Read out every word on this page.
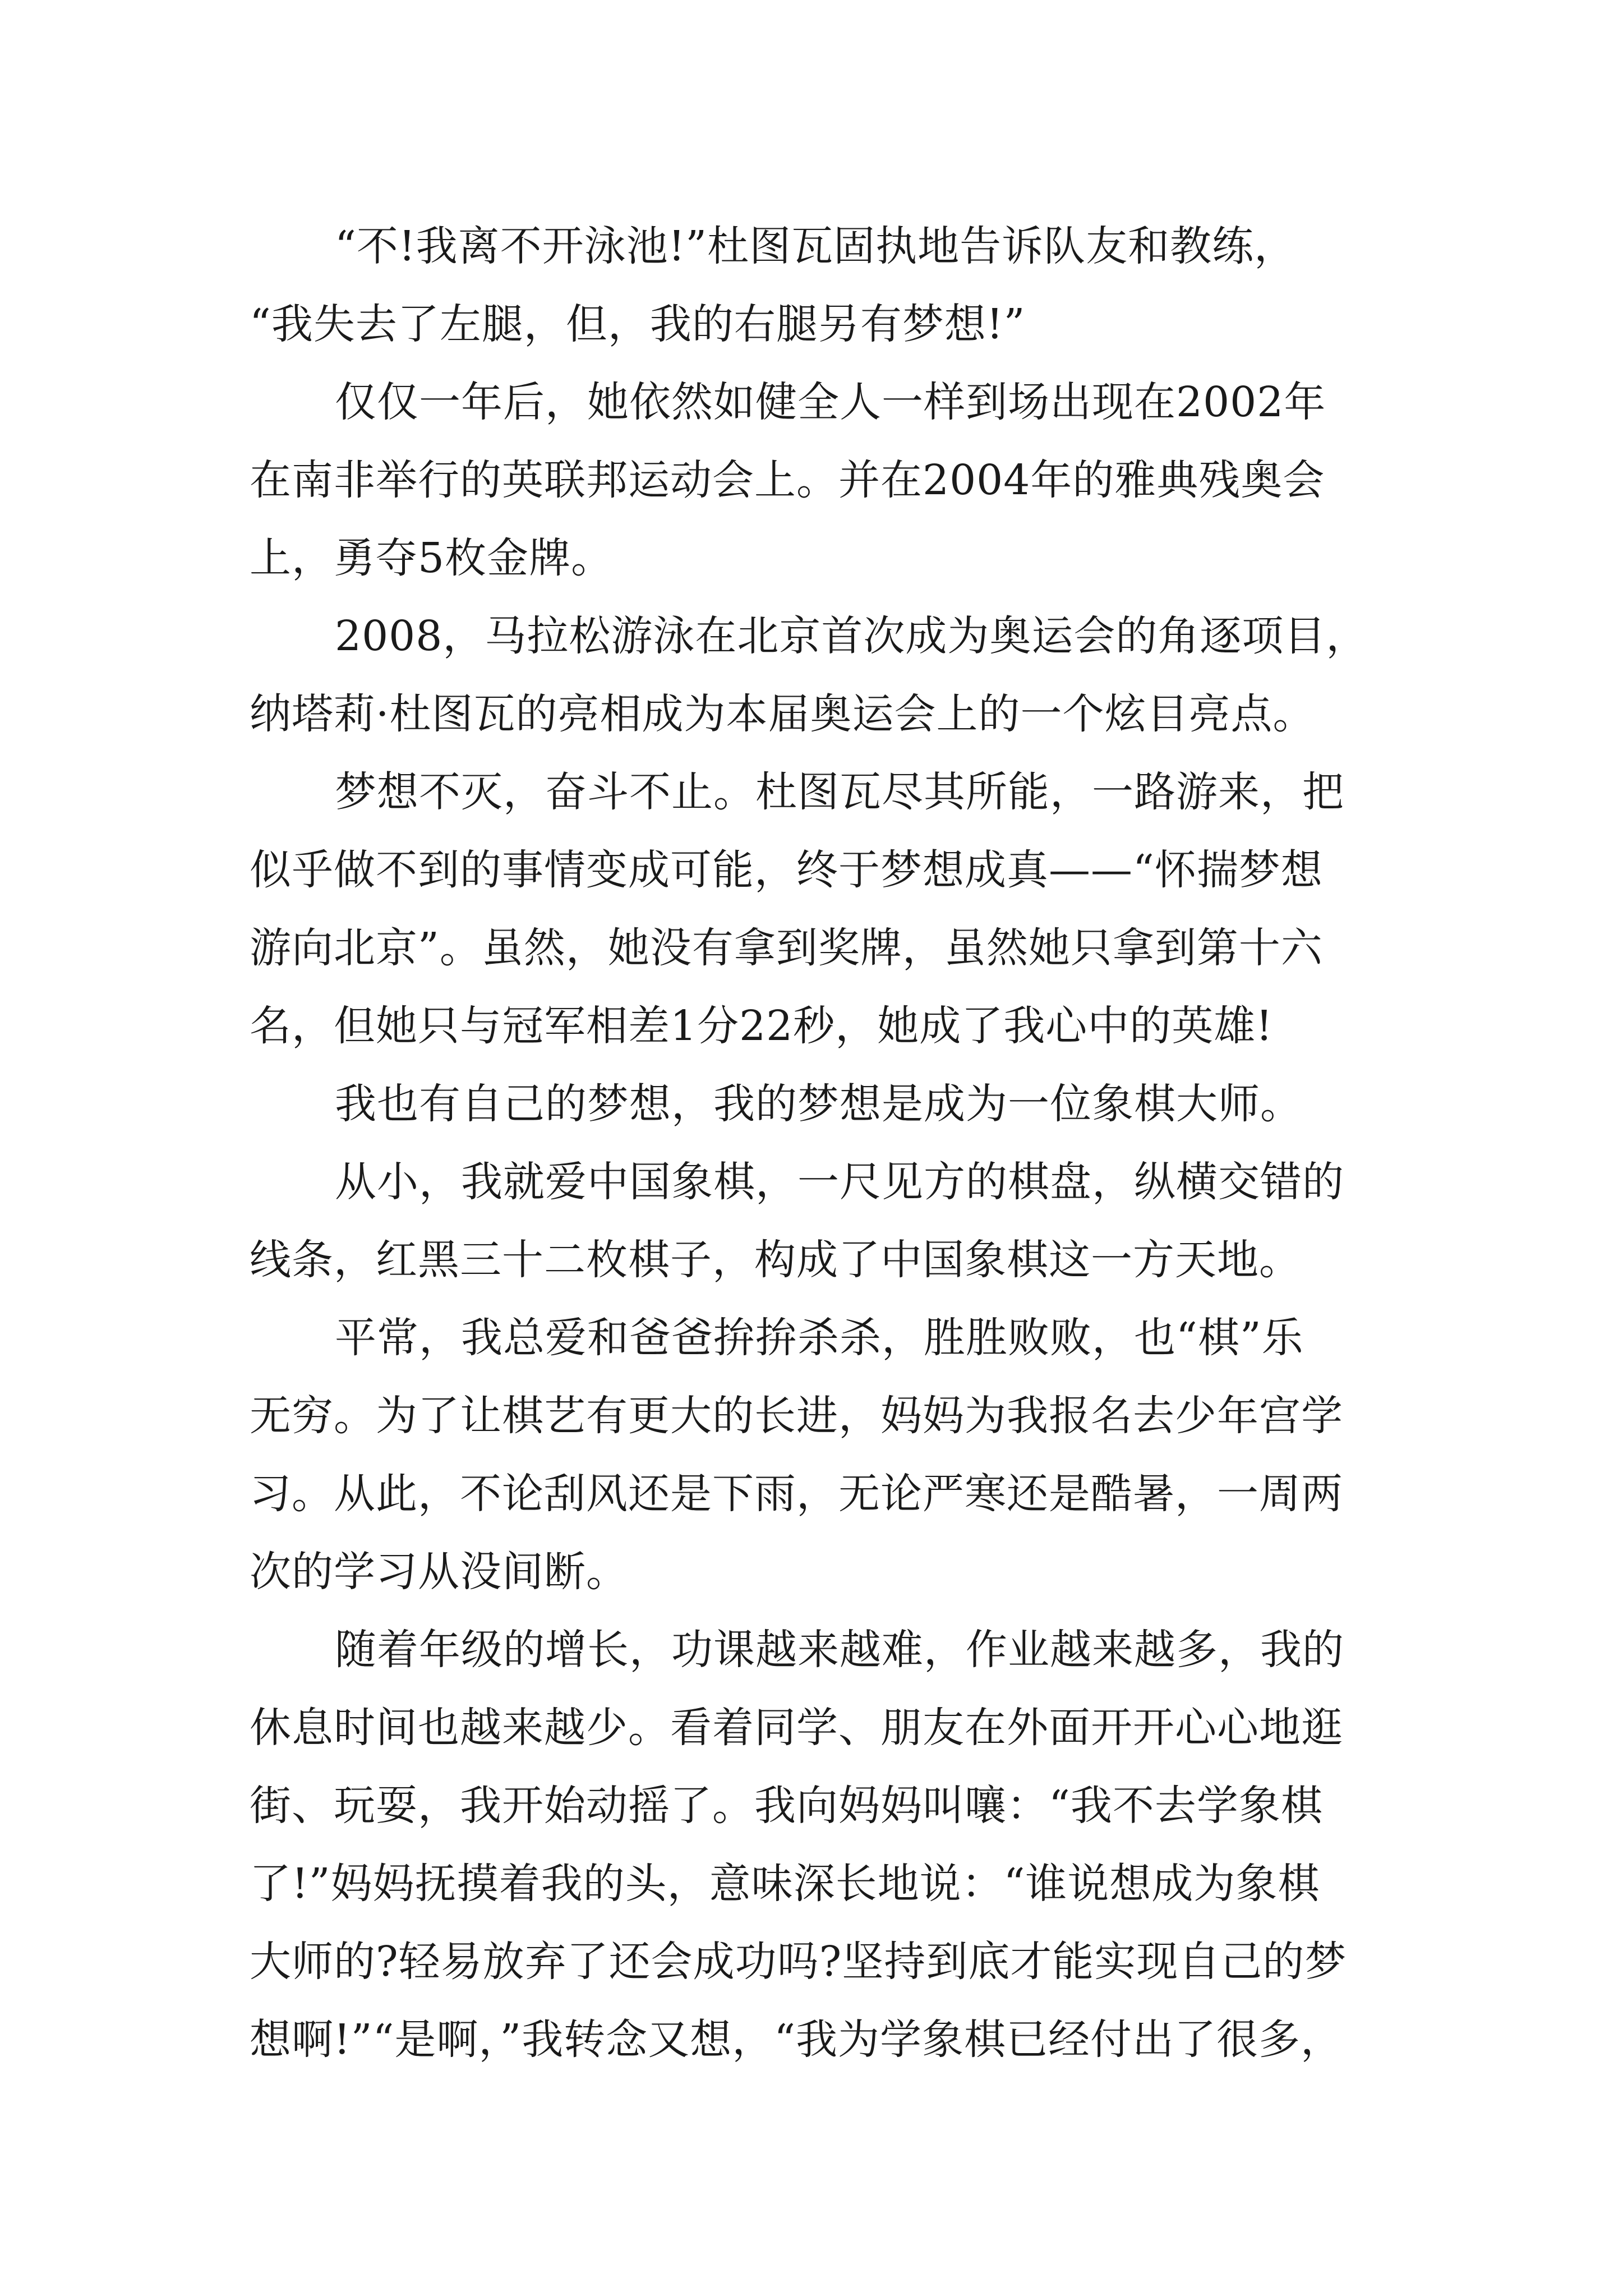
“不!我离不开泳池!”杜图瓦固执地告诉队友和教练，
“我失去了左腿，但，我的右腿另有梦想!”
仅仅一年后，她依然如健全人一样到场出现在2002年
在南非举行的英联邦运动会上。并在2004年的雅典残奥会
上，勇夺5枚金牌。
2008，马拉松游泳在北京首次成为奥运会的角逐项目，
纳塔莉·杜图瓦的亮相成为本届奥运会上的一个炫目亮点。
梦想不灭，奋斗不止。杜图瓦尽其所能，一路游来，把
似乎做不到的事情变成可能，终于梦想成真——“怀揣梦想
游向北京”。虽然，她没有拿到奖牌，虽然她只拿到第十六
名，但她只与冠军相差1分22秒，她成了我心中的英雄!
我也有自己的梦想，我的梦想是成为一位象棋大师。
从小，我就爱中国象棋，一尺见方的棋盘，纵横交错的
线条，红黑三十二枚棋子，构成了中国象棋这一方天地。
平常，我总爱和爸爸拚拚杀杀，胜胜败败，也“棋”乐
无穷。为了让棋艺有更大的长进，妈妈为我报名去少年宫学
习。从此，不论刮风还是下雨，无论严寒还是酷暑，一周两
次的学习从没间断。
随着年级的增长，功课越来越难，作业越来越多，我的
休息时间也越来越少。看着同学、朋友在外面开开心心地逛
街、玩耍，我开始动摇了。我向妈妈叫嚷：“我不去学象棋
了!”妈妈抚摸着我的头，意味深长地说：“谁说想成为象棋
大师的?轻易放弃了还会成功吗?坚持到底才能实现自己的梦
想啊!”“是啊，”我转念又想，“我为学象棋已经付出了很多，
